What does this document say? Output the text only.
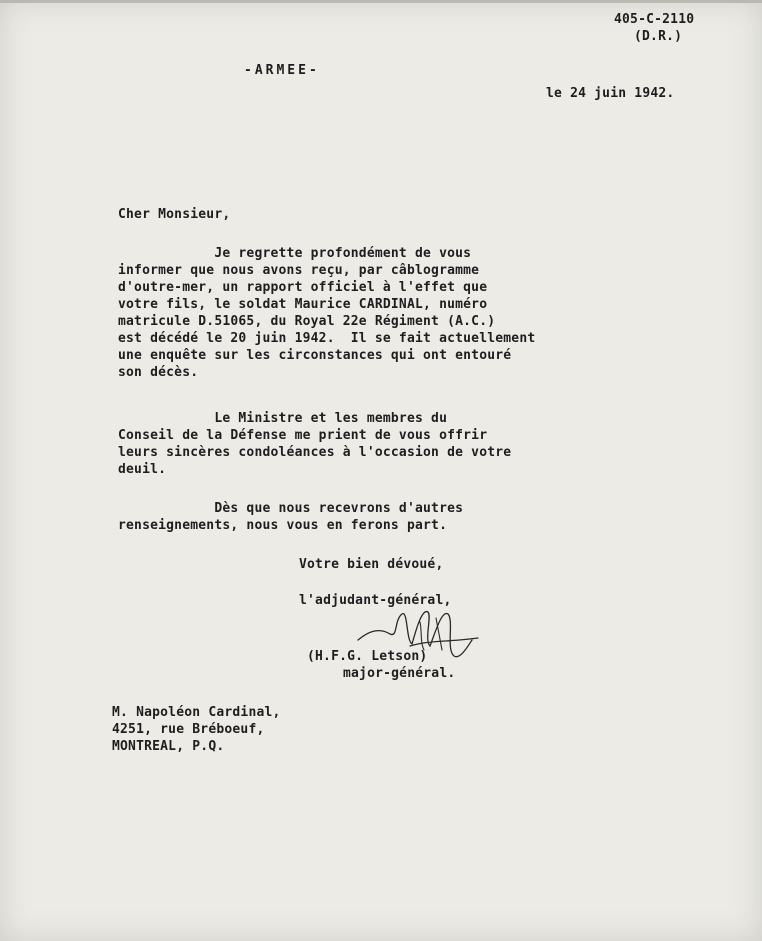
405-C-2110

(D.R.)

-ARMEE-

le 24 juin 1942.

Cher Monsieur,

Je regrette profondément de vous
informer que nous avons reçu, par câblogramme
d'outre-mer, un rapport officiel à l'effet que
votre fils, le soldat Maurice CARDINAL, numéro
matricule D.51065, du Royal 22e Régiment (A.C.)
est décédé le 20 juin 1942.  Il se fait actuellement
une enquête sur les circonstances qui ont entouré
son décès.

Le Ministre et les membres du
Conseil de la Défense me prient de vous offrir
leurs sincères condoléances à l'occasion de votre
deuil.

Dès que nous recevrons d'autres
renseignements, nous vous en ferons part.

Votre bien dévoué,

l'adjudant-général,

(H.F.G. Letson)

major-général.

M. Napoléon Cardinal,
4251, rue Bréboeuf,
MONTREAL, P.Q.
